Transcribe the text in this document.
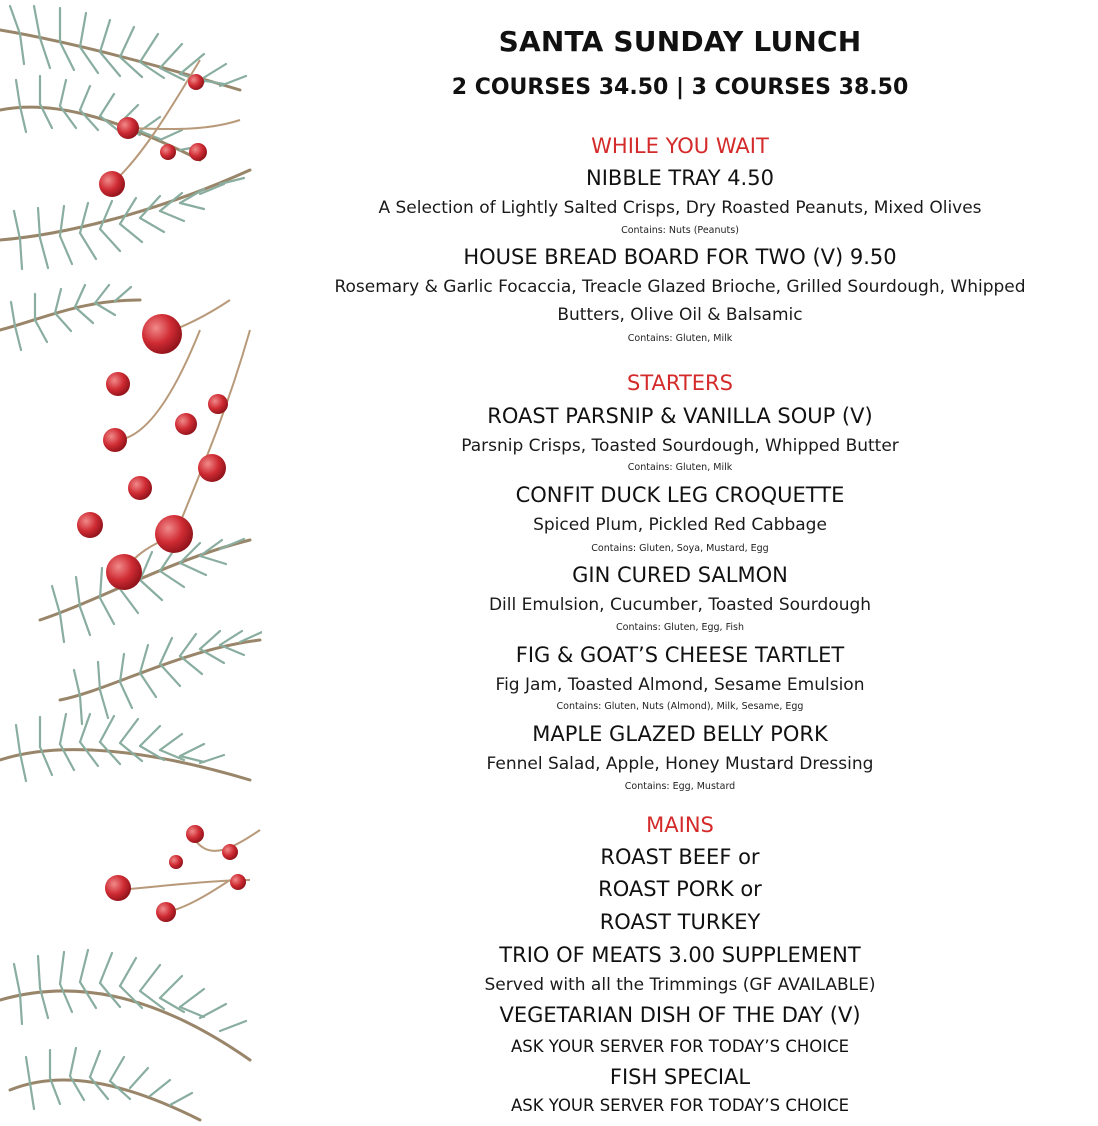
SANTA SUNDAY LUNCH
2 COURSES 34.50 | 3 COURSES 38.50
WHILE YOU WAIT
NIBBLE TRAY 4.50
A Selection of Lightly Salted Crisps, Dry Roasted Peanuts, Mixed Olives
Contains: Nuts (Peanuts)
HOUSE BREAD BOARD FOR TWO (V) 9.50
Rosemary & Garlic Focaccia, Treacle Glazed Brioche, Grilled Sourdough, Whipped
Butters, Olive Oil & Balsamic
Contains: Gluten, Milk
STARTERS
ROAST PARSNIP & VANILLA SOUP (V)
Parsnip Crisps, Toasted Sourdough, Whipped Butter
Contains: Gluten, Milk
CONFIT DUCK LEG CROQUETTE
Spiced Plum, Pickled Red Cabbage
Contains: Gluten, Soya, Mustard, Egg
GIN CURED SALMON
Dill Emulsion, Cucumber, Toasted Sourdough
Contains: Gluten, Egg, Fish
FIG & GOAT’S CHEESE TARTLET
Fig Jam, Toasted Almond, Sesame Emulsion
Contains: Gluten, Nuts (Almond), Milk, Sesame, Egg
MAPLE GLAZED BELLY PORK
Fennel Salad, Apple, Honey Mustard Dressing
Contains: Egg, Mustard
MAINS
ROAST BEEF or
ROAST PORK or
ROAST TURKEY
TRIO OF MEATS 3.00 SUPPLEMENT
Served with all the Trimmings (GF AVAILABLE)
VEGETARIAN DISH OF THE DAY (V)
ASK YOUR SERVER FOR TODAY’S CHOICE
FISH SPECIAL
ASK YOUR SERVER FOR TODAY’S CHOICE
